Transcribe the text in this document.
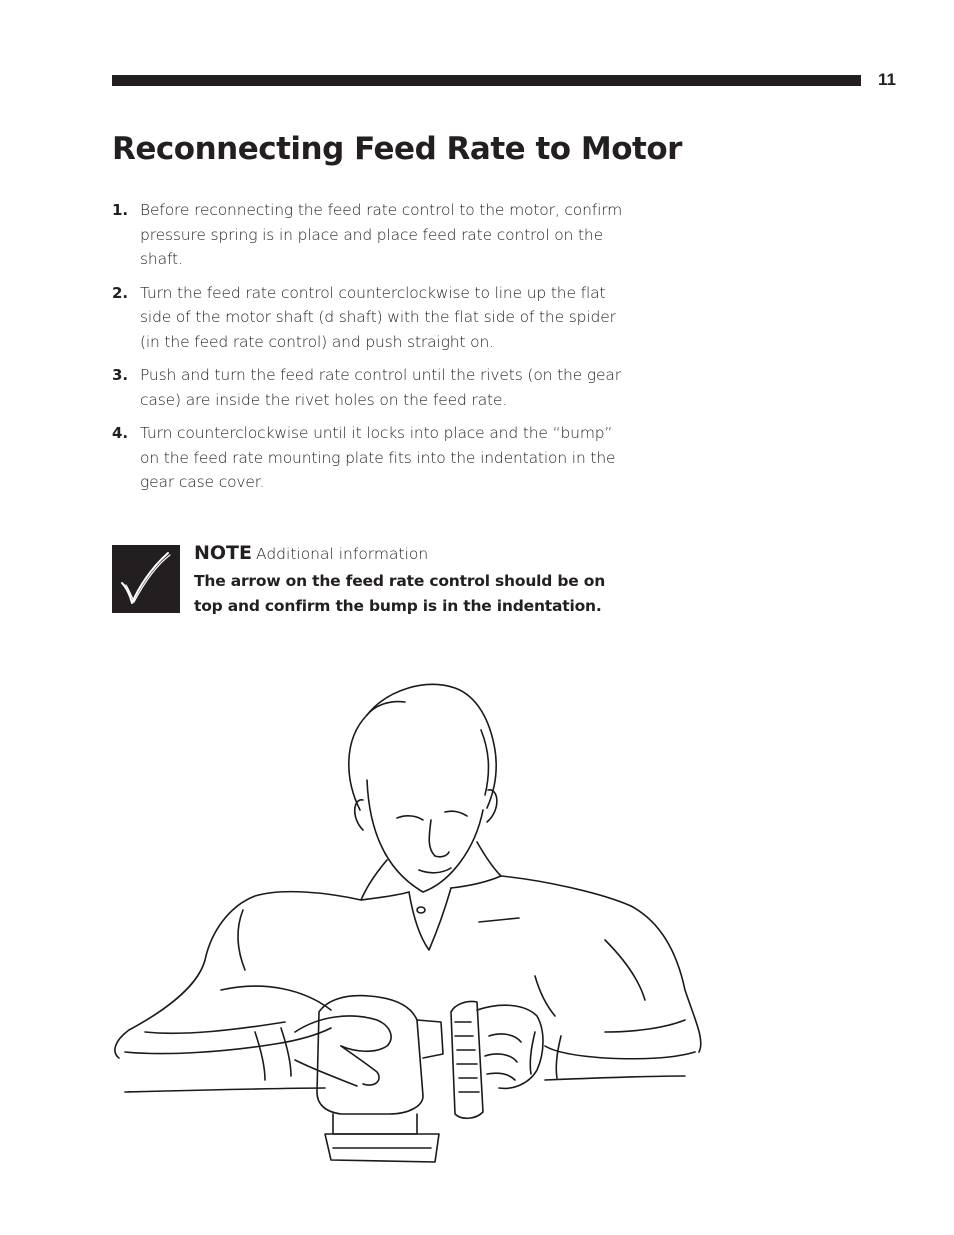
11
Reconnecting Feed Rate to Motor
1. Before reconnecting the feed rate control to the motor, confirm pressure spring is in place and place feed rate control on the shaft.
2. Turn the feed rate control counterclockwise to line up the flat side of the motor shaft (d shaft) with the flat side of the spider (in the feed rate control) and push straight on.
3. Push and turn the feed rate control until the rivets (on the gear case) are inside the rivet holes on the feed rate.
4. Turn counterclockwise until it locks into place and the “bump” on the feed rate mounting plate fits into the indentation in the gear case cover.
NOTE Additional information
The arrow on the feed rate control should be on top and confirm the bump is in the indentation.
